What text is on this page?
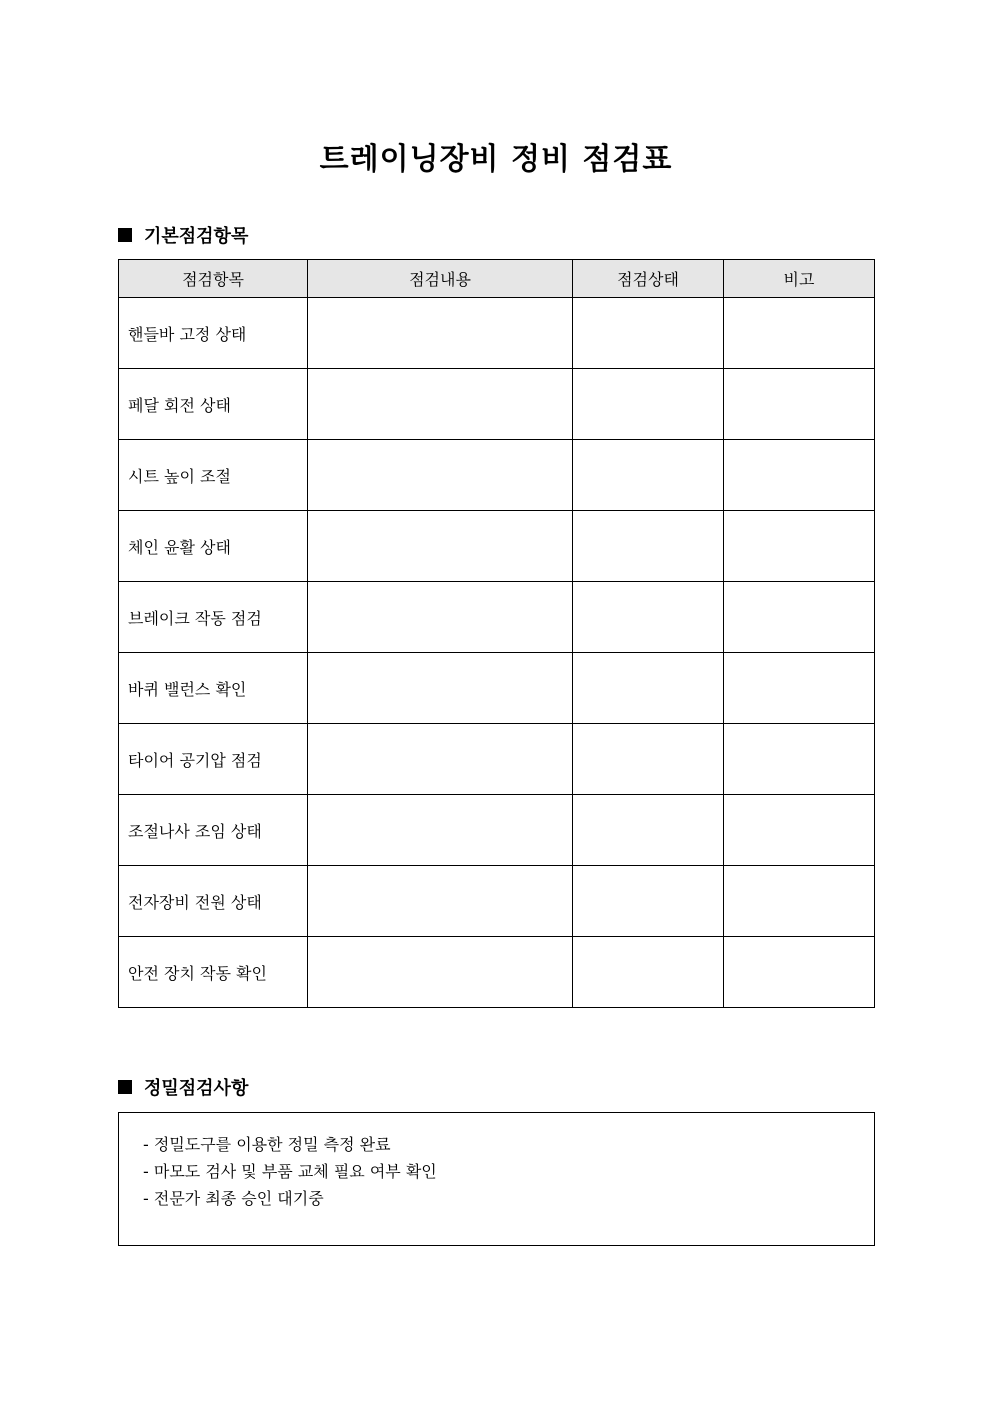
트레이닝장비 정비 점검표
기본점검항목
점검항목	점검내용	점검상태	비고
핸들바 고정 상태			
페달 회전 상태			
시트 높이 조절			
체인 윤활 상태			
브레이크 작동 점검			
바퀴 밸런스 확인			
타이어 공기압 점검			
조절나사 조임 상태			
전자장비 전원 상태			
안전 장치 작동 확인			
정밀점검사항
- 정밀도구를 이용한 정밀 측정 완료
- 마모도 검사 및 부품 교체 필요 여부 확인
- 전문가 최종 승인 대기중
